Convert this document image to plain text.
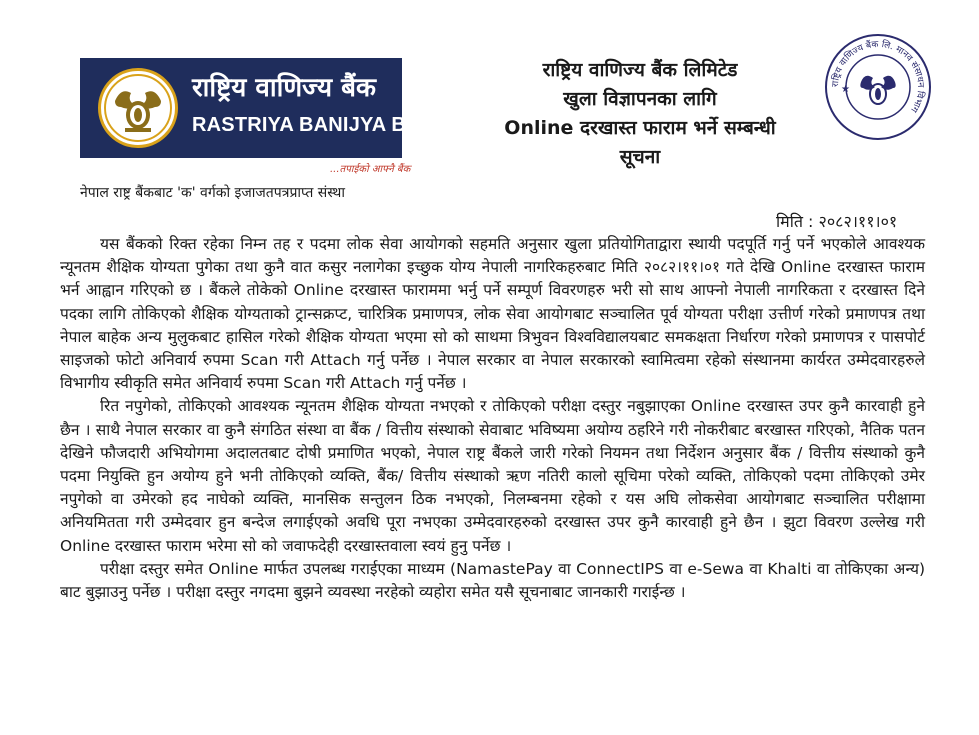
राष्ट्रिय वाणिज्य बैंक
RASTRIYA BANIJYA BANK
...तपाईको आफ्नै बैंक
नेपाल राष्ट्र बैंकबाट 'क' वर्गको इजाजतपत्रप्राप्त संस्था
राष्ट्रिय वाणिज्य बैंक लिमिटेड
खुला विज्ञापनका लागि
Online दरखास्त फाराम भर्ने सम्बन्धी
सूचना
राष्ट्रिय वाणिज्य बैंक लि. मानव संसाधन विभाग
★
मिति : २०८२।११।०१

यस बैंकको रिक्त रहेका निम्न तह र पदमा लोक सेवा आयोगको सहमति अनुसार खुला प्रतियोगिताद्वारा स्थायी पदपूर्ति गर्नु पर्ने भएकोले आवश्यक न्यूनतम शैक्षिक योग्यता पुगेका तथा कुनै वात कसुर नलागेका इच्छुक योग्य नेपाली नागरिकहरुबाट मिति २०८२।११।०१ गते देखि Online दरखास्त फाराम भर्न आह्वान गरिएको छ । बैंकले तोकेको Online दरखास्त फाराममा भर्नु पर्ने सम्पूर्ण विवरणहरु भरी सो साथ आफ्नो नेपाली नागरिकता र दरखास्त दिने पदका लागि तोकिएको शैक्षिक योग्यताको ट्रान्सक्रप्ट, चारित्रिक प्रमाणपत्र, लोक सेवा आयोगबाट सञ्चालित पूर्व योग्यता परीक्षा उत्तीर्ण गरेको प्रमाणपत्र तथा नेपाल बाहेक अन्य मुलुकबाट हासिल गरेको शैक्षिक योग्यता भएमा सो को साथमा त्रिभुवन विश्वविद्यालयबाट समकक्षता निर्धारण गरेको प्रमाणपत्र र पासपोर्ट साइजको फोटो अनिवार्य रुपमा Scan गरी Attach गर्नु पर्नेछ । नेपाल सरकार वा नेपाल सरकारको स्वामित्वमा रहेको संस्थानमा कार्यरत उम्मेदवारहरुले विभागीय स्वीकृति समेत अनिवार्य रुपमा Scan गरी Attach गर्नु पर्नेछ ।

रित नपुगेको, तोकिएको आवश्यक न्यूनतम शैक्षिक योग्यता नभएको र तोकिएको परीक्षा दस्तुर नबुझाएका Online दरखास्त उपर कुनै कारवाही हुने छैन । साथै नेपाल सरकार वा कुनै संगठित संस्था वा बैंक / वित्तीय संस्थाको सेवाबाट भविष्यमा अयोग्य ठहरिने गरी नोकरीबाट बरखास्त गरिएको, नैतिक पतन देखिने फौजदारी अभियोगमा अदालतबाट दोषी प्रमाणित भएको, नेपाल राष्ट्र बैंकले जारी गरेको नियमन तथा निर्देशन अनुसार बैंक / वित्तीय संस्थाको कुनै पदमा नियुक्ति हुन अयोग्य हुने भनी तोकिएको व्यक्ति, बैंक/ वित्तीय संस्थाको ऋण नतिरी कालो सूचिमा परेको व्यक्ति, तोकिएको पदमा तोकिएको उमेर नपुगेको वा उमेरको हद नाघेको व्यक्ति, मानसिक सन्तुलन ठिक नभएको, निलम्बनमा रहेको र यस अघि लोकसेवा आयोगबाट सञ्चालित परीक्षामा अनियमितता गरी उम्मेदवार हुन बन्देज लगाईएको अवधि पूरा नभएका उम्मेदवारहरुको दरखास्त उपर कुनै कारवाही हुने छैन । झुटा विवरण उल्लेख गरी Online दरखास्त फाराम भरेमा सो को जवाफदेही दरखास्तवाला स्वयं हुनु पर्नेछ ।

परीक्षा दस्तुर समेत Online मार्फत उपलब्ध गराईएका माध्यम (NamastePay वा ConnectIPS वा e-Sewa वा Khalti वा तोकिएका अन्य) बाट बुझाउनु पर्नेछ । परीक्षा दस्तुर नगदमा बुझने व्यवस्था नरहेको व्यहोरा समेत यसै सूचनाबाट जानकारी गराईन्छ ।
